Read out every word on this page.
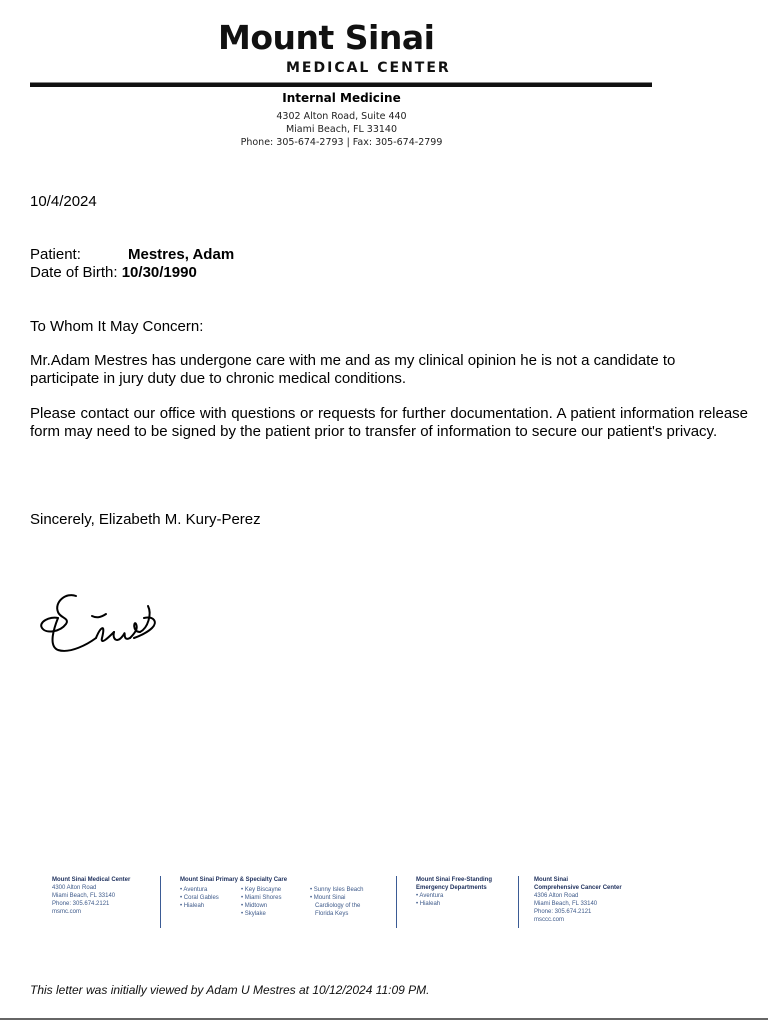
Mount Sinai
MEDICAL CENTER
Internal Medicine
4302 Alton Road, Suite 440
Miami Beach, FL 33140
Phone: 305-674-2793 | Fax: 305-674-2799
10/4/2024
Patient:	Mestres, Adam
Date of Birth: 10/30/1990
To Whom It May Concern:
Mr.Adam Mestres has undergone care with me and as my clinical opinion he is not a candidate to participate in jury duty due to chronic medical conditions.
Please contact our office with questions or requests for further documentation. A patient information release form may need to be signed by the patient prior to transfer of information to secure our patient's privacy.
Sincerely, Elizabeth M. Kury-Perez
Mount Sinai Medical Center
4300 Alton Road
Miami Beach, FL 33140
Phone: 305.674.2121
msmc.com
Mount Sinai Primary & Specialty Care
• Aventura
• Coral Gables
• Hialeah
• Key Biscayne
• Miami Shores
• Midtown
• Skylake
• Sunny Isles Beach
• Mount Sinai
Cardiology of the
Florida Keys
Mount Sinai Free-Standing
Emergency Departments
• Aventura
• Hialeah
Mount Sinai
Comprehensive Cancer Center
4306 Alton Road
Miami Beach, FL 33140
Phone: 305.674.2121
msccc.com
This letter was initially viewed by Adam U Mestres at 10/12/2024 11:09 PM.
